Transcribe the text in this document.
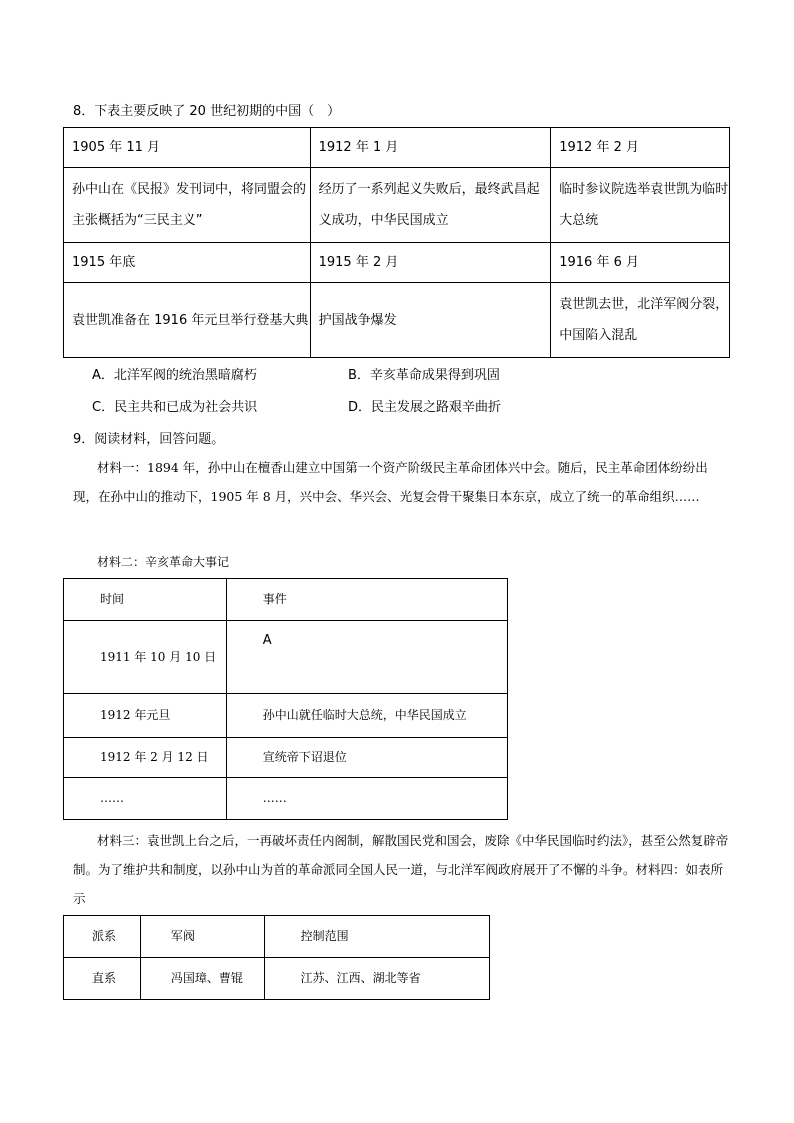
8．下表主要反映了 20 世纪初期的中国（　）
1905 年 11 月	1912 年 1 月	1912 年 2 月
孙中山在《民报》发刊词中，将同盟会的主张概括为“三民主义”	经历了一系列起义失败后，最终武昌起义成功，中华民国成立	临时参议院选举袁世凯为临时大总统
1915 年底	1915 年 2 月	1916 年 6 月
袁世凯准备在 1916 年元旦举行登基大典	护国战争爆发	袁世凯去世，北洋军阀分裂，中国陷入混乱
A．北洋军阀的统治黑暗腐朽	B．辛亥革命成果得到巩固
C．民主共和已成为社会共识	D．民主发展之路艰辛曲折
9．阅读材料，回答问题。
材料一：1894 年，孙中山在檀香山建立中国第一个资产阶级民主革命团体兴中会。随后，民主革命团体纷纷出现，在孙中山的推动下，1905 年 8 月，兴中会、华兴会、光复会骨干聚集日本东京，成立了统一的革命组织……
材料二：辛亥革命大事记
时间	事件
1911 年 10 月 10 日	A
1912 年元旦	孙中山就任临时大总统，中华民国成立
1912 年 2 月 12 日	宣统帝下诏退位
……	……
材料三：袁世凯上台之后，一再破坏责任内阁制，解散国民党和国会，废除《中华民国临时约法》，甚至公然复辟帝制。为了维护共和制度，以孙中山为首的革命派同全国人民一道，与北洋军阀政府展开了不懈的斗争。材料四：如表所示
派系	军阀	控制范围
直系	冯国璋、曹锟	江苏、江西、湖北等省
